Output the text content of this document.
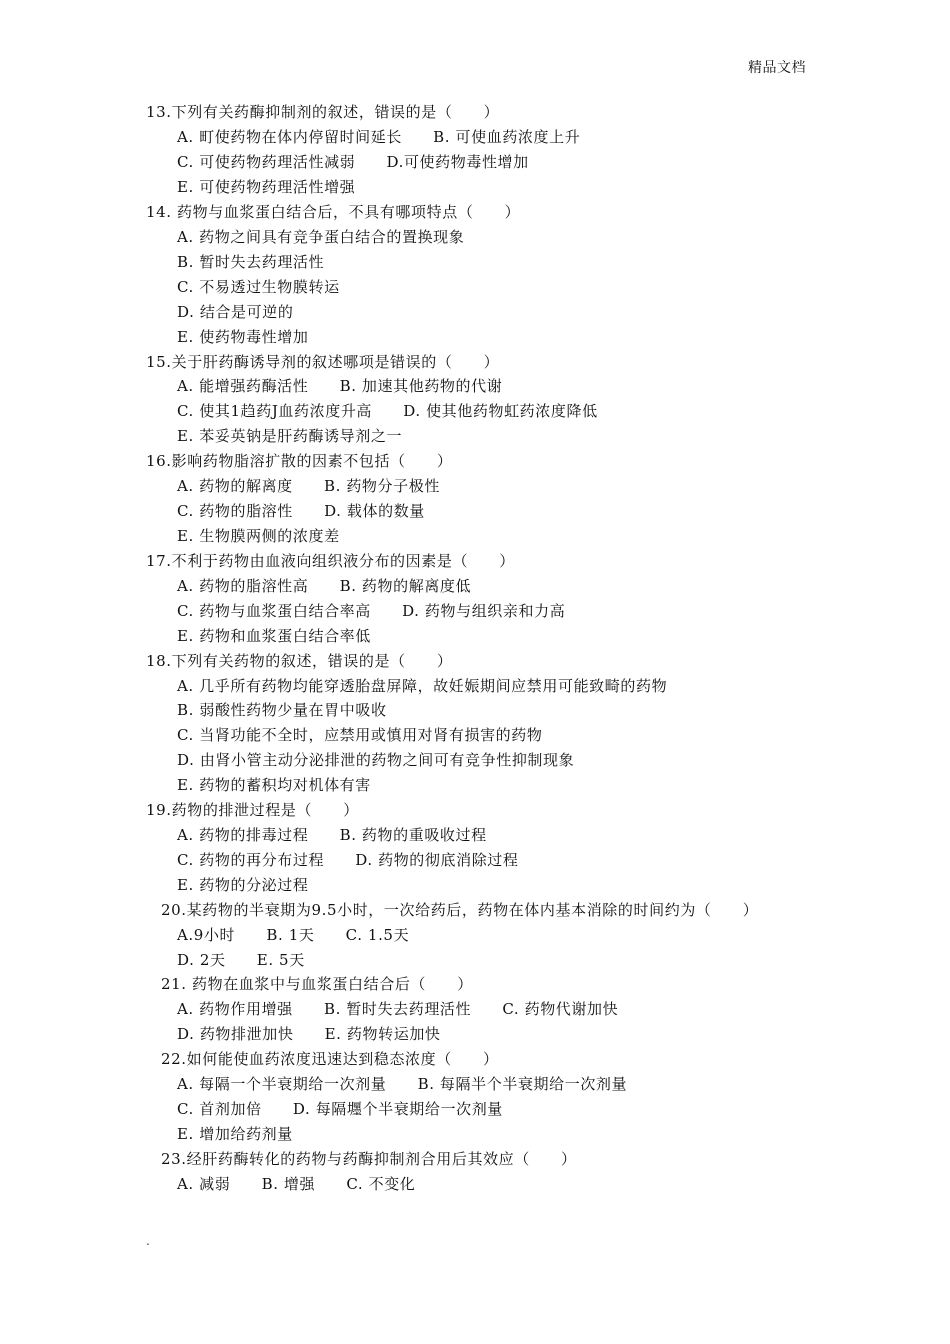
精品文档
13.下列有关药酶抑制剂的叙述，错误的是（　　）
A. 町使药物在体内停留时间延长　　B. 可使血药浓度上升
C. 可使药物药理活性减弱　　D.可使药物毒性增加
E. 可使药物药理活性增强
14. 药物与血浆蛋白结合后，不具有哪项特点（　　）
A. 药物之间具有竞争蛋白结合的置换现象
B. 暂时失去药理活性
C. 不易透过生物膜转运
D. 结合是可逆的
E. 使药物毒性增加
15.关于肝药酶诱导剂的叙述哪项是错误的（　　）
A. 能增强药酶活性　　B. 加速其他药物的代谢
C. 使其1趋药J血药浓度升高　　D. 使其他药物虹药浓度降低
E. 苯妥英钠是肝药酶诱导剂之一
16.影响药物脂溶扩散的因素不包括（　　）
A. 药物的解离度　　B. 药物分子极性
C. 药物的脂溶性　　D. 载体的数量
E. 生物膜两侧的浓度差
17.不利于药物由血液向组织液分布的因素是（　　）
A. 药物的脂溶性高　　B. 药物的解离度低
C. 药物与血浆蛋白结合率高　　D. 药物与组织亲和力高
E. 药物和血浆蛋白结合率低
18.下列有关药物的叙述，错误的是（　　）
A. 几乎所有药物均能穿透胎盘屏障，故妊娠期间应禁用可能致畸的药物
B. 弱酸性药物少量在胃中吸收
C. 当肾功能不全时，应禁用或慎用对肾有损害的药物
D. 由肾小管主动分泌排泄的药物之间可有竞争性抑制现象
E. 药物的蓄积均对机体有害
19.药物的排泄过程是（　　）
A. 药物的排毒过程　　B. 药物的重吸收过程
C. 药物的再分布过程　　D. 药物的彻底消除过程
E. 药物的分泌过程
20.某药物的半衰期为9.5小时，一次给药后，药物在体内基本消除的时间约为（　　）
A.9小时　　B. 1天　　C. 1.5天
D. 2天　　E. 5天
21. 药物在血浆中与血浆蛋白结合后（　　）
A. 药物作用增强　　B. 暂时失去药理活性　　C. 药物代谢加快
D. 药物排泄加快　　E. 药物转运加快
22.如何能使血药浓度迅速达到稳态浓度（　　）
A. 每隔一个半衰期给一次剂量　　B. 每隔半个半衰期给一次剂量
C. 首剂加倍　　D. 每隔壥个半衰期给一次剂量
E. 增加给药剂量
23.经肝药酶转化的药物与药酶抑制剂合用后其效应（　　）
A. 减弱　　B. 增强　　C. 不变化
.
